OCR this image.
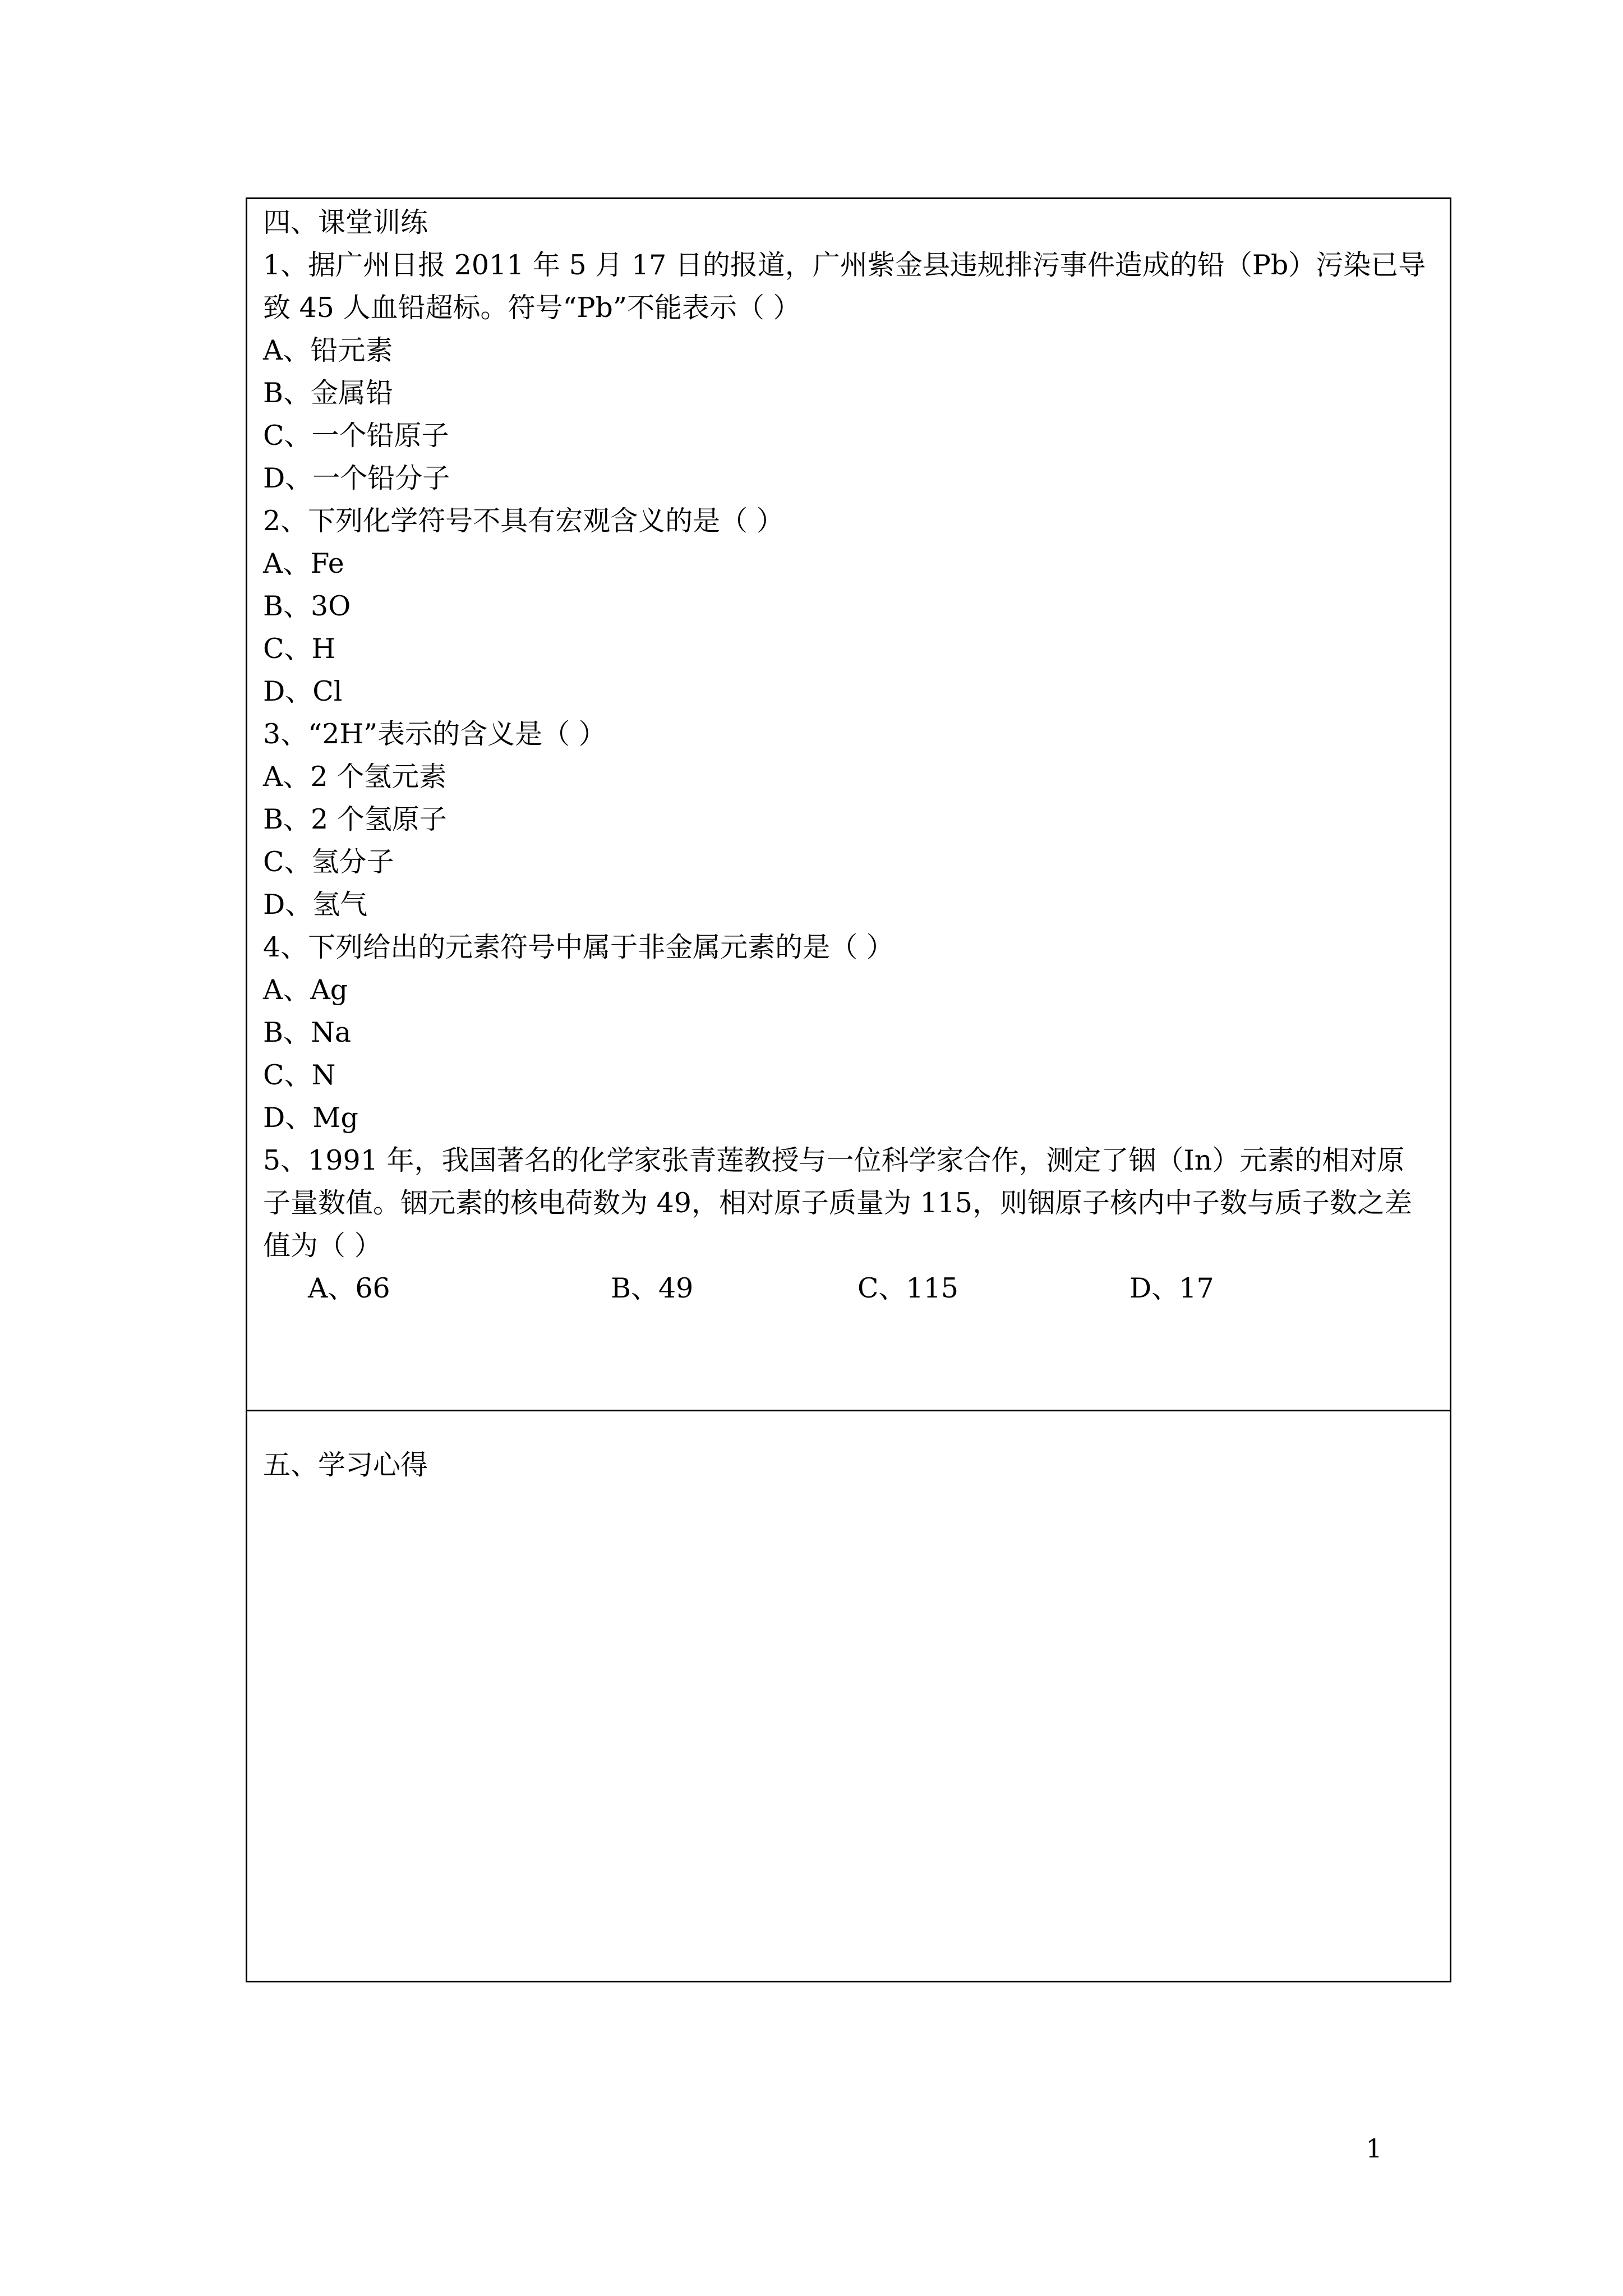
四、课堂训练
1、据广州日报 2011 年 5 月 17 日的报道，广州紫金县违规排污事件造成的铅（Pb）污染已导
致 45 人血铅超标。符号“Pb”不能表示（ ）
A、铅元素
B、金属铅
C、一个铅原子
D、一个铅分子
2、下列化学符号不具有宏观含义的是（ ）
A、Fe
B、3O
C、H
D、Cl
3、“2H”表示的含义是（ ）
A、2 个氢元素
B、2 个氢原子
C、氢分子
D、氢气
4、下列给出的元素符号中属于非金属元素的是（ ）
A、Ag
B、Na
C、N
D、Mg
5、1991 年，我国著名的化学家张青莲教授与一位科学家合作，测定了铟（In）元素的相对原
子量数值。铟元素的核电荷数为 49，相对原子质量为 115，则铟原子核内中子数与质子数之差
值为（ ）
A、66	B、49	C、115	D、17
五、学习心得
1
